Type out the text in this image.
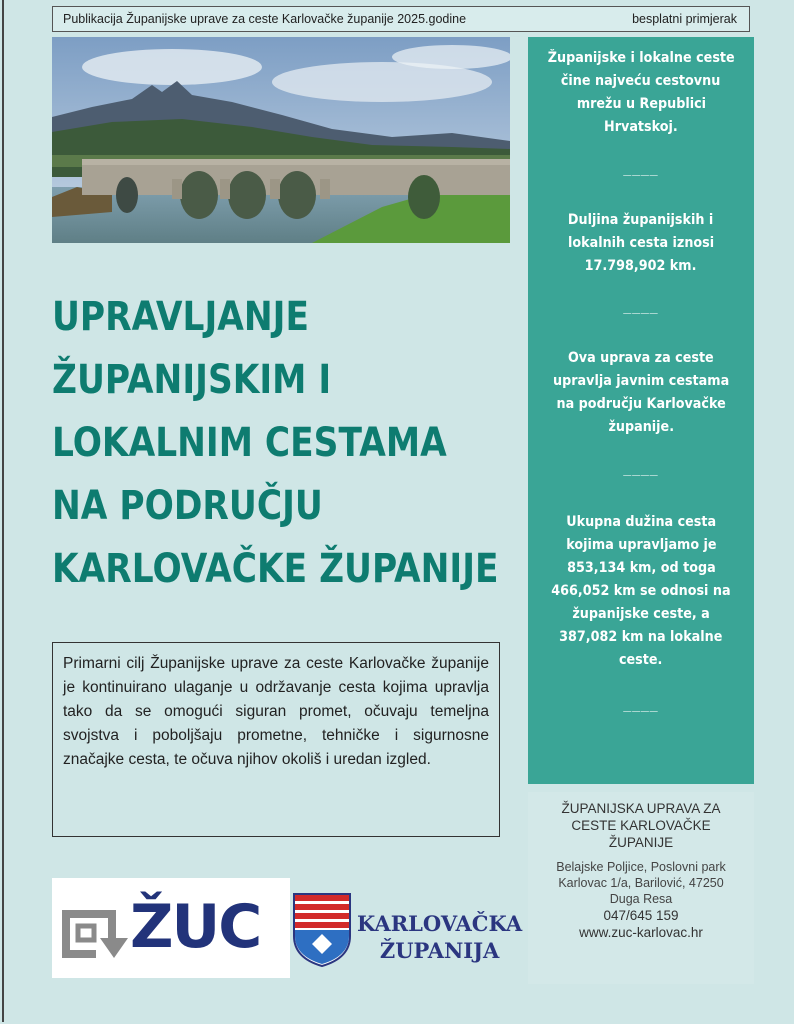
Publikacija Županijske uprave za ceste Karlovačke županije 2025.godine	besplatni primjerak
UPRAVLJANJE
ŽUPANIJSKIM I
LOKALNIM CESTAMA
NA PODRUČJU
KARLOVAČKE ŽUPANIJE
Primarni cilj Županijske uprave za ceste Karlovačke županije je kontinuirano ulaganje u održavanje cesta kojima upravlja tako da se omogući siguran promet, očuvaju temeljna svojstva i poboljšaju prometne, tehničke i sigurnosne značajke cesta, te očuva njihov okoliš i uredan izgled.
Županijske i lokalne ceste
čine najveću cestovnu
mrežu u Republici
Hrvatskoj.
____
Duljina županijskih i
lokalnih cesta iznosi
17.798,902 km.
____
Ova uprava za ceste
upravlja javnim cestama
na području Karlovačke
županije.
____
Ukupna dužina cesta
kojima upravljamo je
853,134 km, od toga
466,052 km se odnosi na
županijske ceste, a
387,082 km na lokalne
ceste.
____
ŽUPANIJSKA UPRAVA ZA
CESTE KARLOVAČKE
ŽUPANIJE
Belajske Poljice, Poslovni park
Karlovac 1/a, Barilović, 47250
Duga Resa
047/645 159
www.zuc-karlovac.hr
ŽUC	KARLOVAČKA
ŽUPANIJA
